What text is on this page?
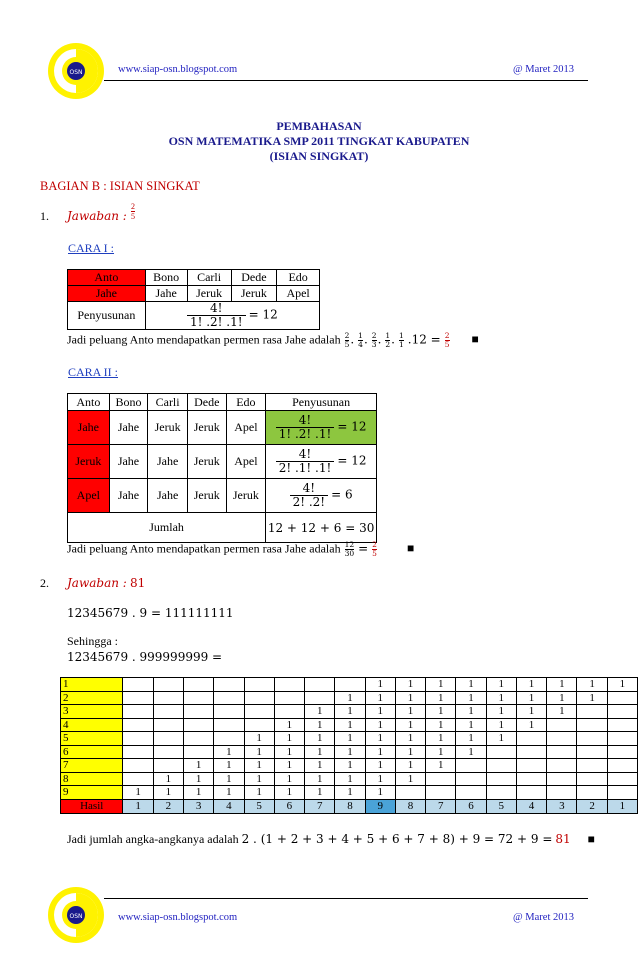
OSN	www.siap-osn.blogspot.com	@ Maret 2013
PEMBAHASAN
OSN MATEMATIKA SMP 2011 TINGKAT KABUPATEN
(ISIAN SINGKAT)
BAGIAN B : ISIAN SINGKAT
1. Jawaban : $\frac{2}{5}$
CARA I :
Anto	Bono	Carli	Dede	Edo
Jahe	Jahe	Jeruk	Jeruk	Apel
Penyusunan	$\frac{4!}{1! .2! .1!} = 12$			
Jadi peluang Anto mendapatkan permen rasa Jahe adalah $\frac{2}{5}$ . $\frac{1}{4}$ . $\frac{2}{3}$ . $\frac{1}{2}$ . $\frac{1}{1} .12 = \frac{2}{5}$ ■
CARA II :
Anto	Bono	Carli	Dede	Edo	Penyusunan
Jahe	Jahe	Jeruk	Jeruk	Apel	$\frac{4!}{1! .2! .1!} = 12$
Jeruk	Jahe	Jahe	Jeruk	Apel	$\frac{4!}{2! .1! .1!} = 12$
Apel	Jahe	Jahe	Jeruk	Jeruk	$\frac{4!}{2! .2!} = 6$
Jumlah					12 + 12 + 6 = 30
Jadi peluang Anto mendapatkan permen rasa Jahe adalah $\frac{12}{30} = \frac{2}{5}$	■
2. Jawaban : 81
12345679 . 9 = 111111111
Sehingga :
12345679 . 999999999 =
1									1	1	1	1	1	1	1	1	1
2								1	1	1	1	1	1	1	1	1	
3							1	1	1	1	1	1	1	1	1		
4						1	1	1	1	1	1	1	1	1			
5					1	1	1	1	1	1	1	1	1				
6				1	1	1	1	1	1	1	1	1					
7			1	1	1	1	1	1	1	1	1						
8		1	1	1	1	1	1	1	1	1							
9	1	1	1	1	1	1	1	1	1								
Hasil	1	2	3	4	5	6	7	8	9	8	7	6	5	4	3	2	1
Jadi jumlah angka-angkanya adalah 2 . (1 + 2 + 3 + 4 + 5 + 6 + 7 + 8) + 9 = 72 + 9 = 81 ■
OSN	www.siap-osn.blogspot.com	@ Maret 2013
